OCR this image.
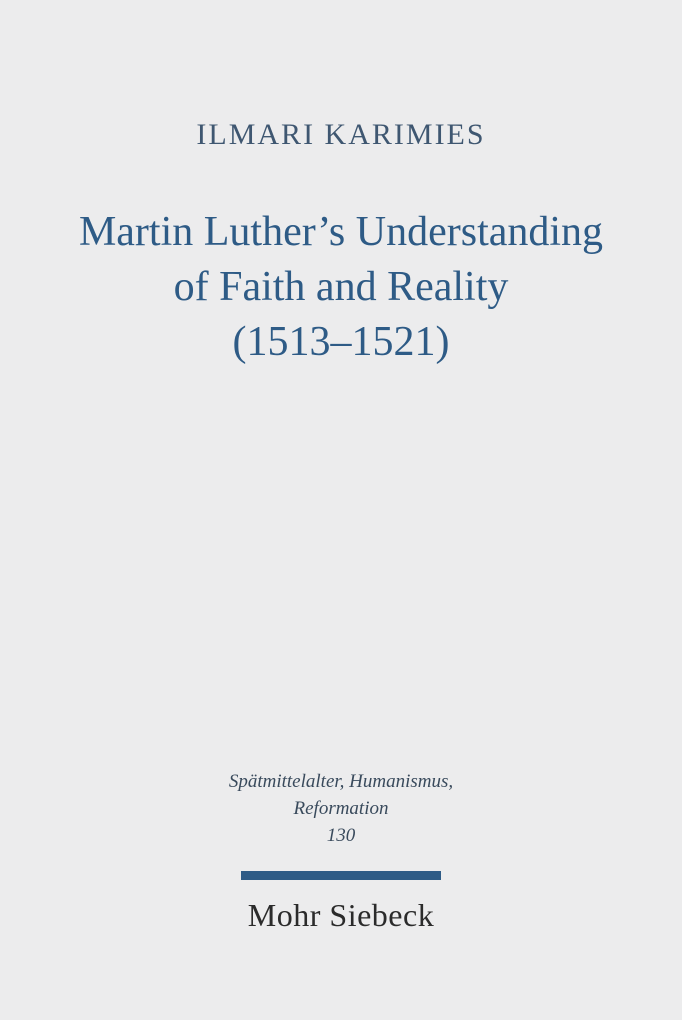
ILMARI KARIMIES
Martin Luther’s Understanding
of Faith and Reality
(1513–1521)
Spätmittelalter, Humanismus,
Reformation
130
Mohr Siebeck
